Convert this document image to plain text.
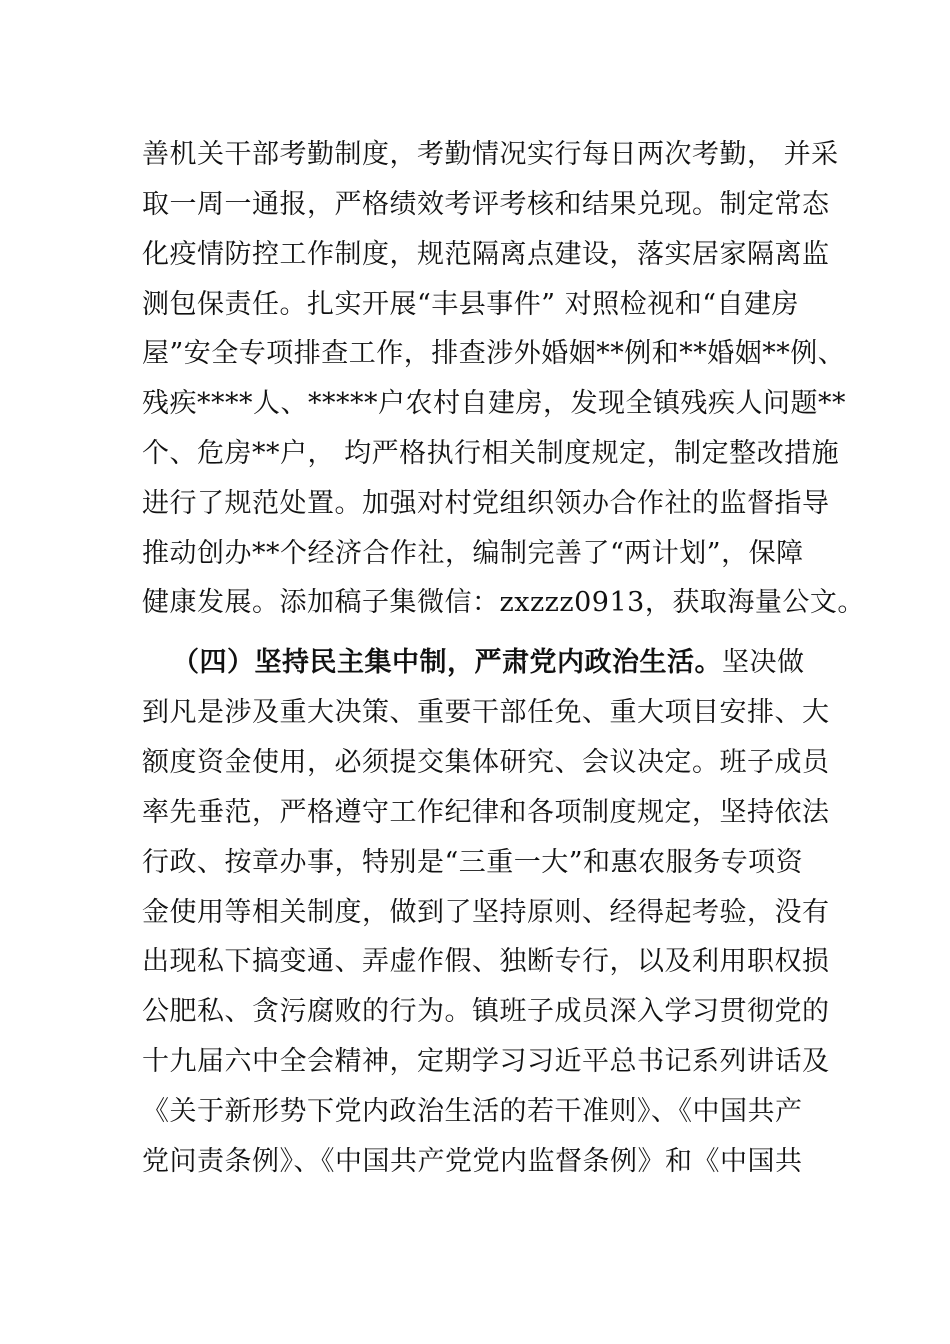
善机关干部考勤制度，考勤情况实行每日两次考勤， 并采
取一周一通报，严格绩效考评考核和结果兑现。制定常态
化疫情防控工作制度，规范隔离点建设，落实居家隔离监
测包保责任。扎实开展“丰县事件” 对照检视和“自建房
屋”安全专项排查工作，排查涉外婚姻**例和**婚姻**例、
残疾****人、*****户农村自建房，发现全镇残疾人问题**
个、危房**户， 均严格执行相关制度规定，制定整改措施
进行了规范处置。加强对村党组织领办合作社的监督指导
推动创办**个经济合作社，编制完善了“两计划”，保障
健康发展。添加稿子集微信：zxzzz0913，获取海量公文。
（四）坚持民主集中制，严肃党内政治生活。坚决做
到凡是涉及重大决策、重要干部任免、重大项目安排、大
额度资金使用，必须提交集体研究、会议决定。班子成员
率先垂范，严格遵守工作纪律和各项制度规定，坚持依法
行政、按章办事，特别是“三重一大”和惠农服务专项资
金使用等相关制度，做到了坚持原则、经得起考验，没有
出现私下搞变通、弄虚作假、独断专行，以及利用职权损
公肥私、贪污腐败的行为。镇班子成员深入学习贯彻党的
十九届六中全会精神，定期学习习近平总书记系列讲话及
《关于新形势下党内政治生活的若干准则》、《中国共产
党问责条例》、《中国共产党党内监督条例》和《中国共
